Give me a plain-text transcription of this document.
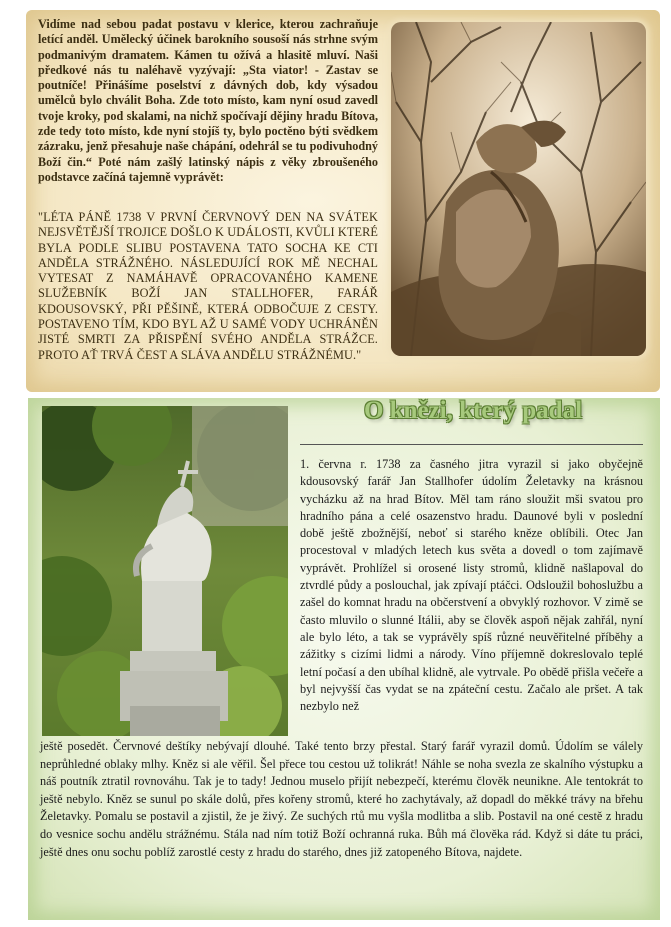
Vidíme nad sebou padat postavu v klerice, kterou zachraňuje letící anděl. Umělecký účinek barokního sousoší nás strhne svým podmanivým dramatem. Kámen tu ožívá a hlasitě mluví. Naši předkové nás tu naléhavě vyzývají: „Sta viator! - Zastav se poutníče! Přinášíme poselství z dávných dob, kdy výsadou umělců bylo chválit Boha. Zde toto místo, kam nyní osud zavedl tvoje kroky, pod skalami, na nichž spočívají dějiny hradu Bítova, zde tedy toto místo, kde nyní stojíš ty, bylo poctěno býti svědkem zázraku, jenž přesahuje naše chápání, odehrál se tu podivuhodný Boží čin.“ Poté nám zašlý latinský nápis z věky zbroušeného podstavce začíná tajemně vyprávět:

"LÉTA PÁNĚ 1738 V PRVNÍ ČERVNOVÝ DEN NA SVÁTEK NEJSVĚTĚJŠÍ TROJICE DOŠLO K UDÁLOSTI, KVŮLI KTERÉ BYLA PODLE SLIBU POSTAVENA TATO SOCHA KE CTI ANDĚLA STRÁŽNÉHO. NÁSLEDUJÍCÍ ROK MĚ NECHAL VYTESAT Z NAMÁHAVĚ OPRACOVANÉHO KAMENE SLUŽEBNÍK BOŽÍ JAN STALLHOFER, FARÁŘ KDOUSOVSKÝ, PŘI PĚŠINĚ, KTERÁ ODBOČUJE Z CESTY. POSTAVENO TÍM, KDO BYL AŽ U SAMÉ VODY UCHRÁNĚN JISTÉ SMRTI ZA PŘISPĚNÍ SVÉHO ANDĚLA STRÁŽCE. PROTO AŤ TRVÁ ČEST A SLÁVA ANDĚLU STRÁŽNÉMU."

O knězi, který padal

1. června r. 1738 za časného jitra vyrazil si jako obyčejně kdousovský farář Jan Stallhofer údolím Želetavky na krásnou vycházku až na hrad Bítov. Měl tam ráno sloužit mši svatou pro hradního pána a celé osazenstvo hradu. Daunové byli v poslední době ještě zbožnější, neboť si starého kněze oblíbili. Otec Jan procestoval v mladých letech kus světa a dovedl o tom zajímavě vyprávět. Prohlížel si orosené listy stromů, klidně našlapoval do ztvrdlé půdy a poslouchal, jak zpívají ptáčci. Odsloužil bohoslužbu a zašel do komnat hradu na občerstvení a obvyklý rozhovor. V zimě se často mluvilo o slunné Itálii, aby se člověk aspoň nějak zahřál, nyní ale bylo léto, a tak se vyprávěly spíš různé neuvěřitelné příběhy a zážitky s cizími lidmi a národy. Víno příjemně dokreslovalo teplé letní počasí a den ubíhal klidně, ale vytrvale. Po obědě přišla večeře a byl nejvyšší čas vydat se na zpáteční cestu. Začalo ale pršet. A tak nezbylo než

ještě posedět. Červnové deštíky nebývají dlouhé. Také tento brzy přestal. Starý farář vyrazil domů. Údolím se válely neprůhledné oblaky mlhy. Kněz si ale věřil. Šel přece tou cestou už tolikrát! Náhle se noha svezla ze skalního výstupku a náš poutník ztratil rovnováhu. Tak je to tady! Jednou muselo přijít nebezpečí, kterému člověk neunikne. Ale tentokrát to ještě nebylo. Kněz se sunul po skále dolů, přes kořeny stromů, které ho zachytávaly, až dopadl do měkké trávy na břehu Želetavky. Pomalu se postavil a zjistil, že je živý. Ze suchých rtů mu vyšla modlitba a slib. Postavil na oné cestě z hradu do vesnice sochu andělu strážnému. Stála nad ním totiž Boží ochranná ruka. Bůh má člověka rád. Když si dáte tu práci, ještě dnes onu sochu poblíž zarostlé cesty z hradu do starého, dnes již zatopeného Bítova, najdete.
